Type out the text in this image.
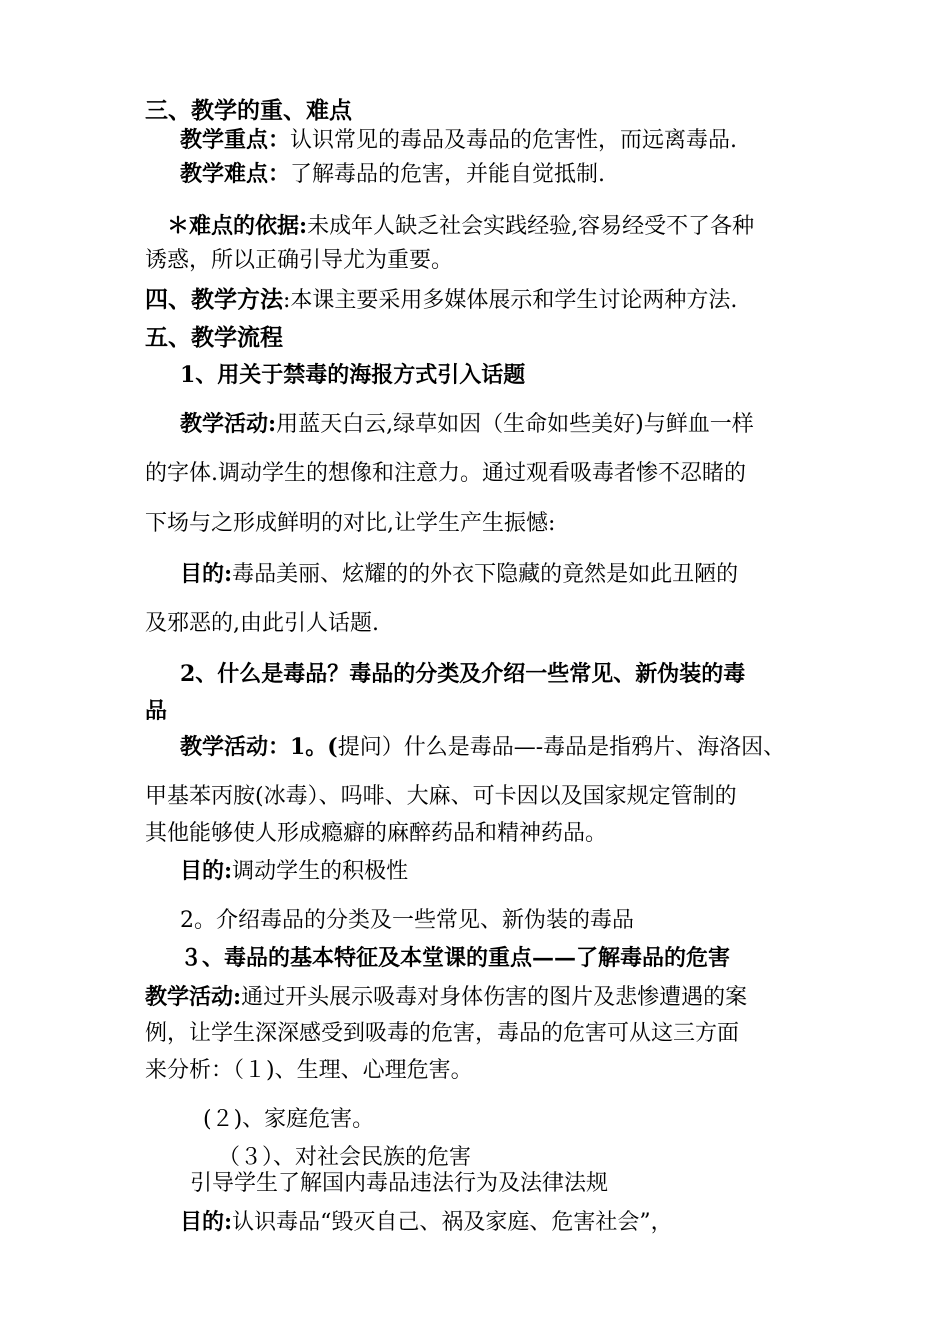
三、教学的重、难点
教学重点：认识常见的毒品及毒品的危害性，而远离毒品.
教学难点：了解毒品的危害，并能自觉抵制.
＊难点的依据:未成年人缺乏社会实践经验,容易经受不了各种
诱惑，所以正确引导尤为重要。
四、教学方法:本课主要采用多媒体展示和学生讨论两种方法.
五、教学流程
1、用关于禁毒的海报方式引入话题
教学活动:用蓝天白云,绿草如因（生命如些美好)与鲜血一样
的字体.调动学生的想像和注意力。通过观看吸毒者惨不忍睹的
下场与之形成鲜明的对比,让学生产生振憾:
目的:毒品美丽、炫耀的的外衣下隐藏的竟然是如此丑陋的
及邪恶的,由此引人话题.
2、什么是毒品？毒品的分类及介绍一些常见、新伪装的毒
品
教学活动：1。(提问）什么是毒品—-毒品是指鸦片、海洛因、
甲基苯丙胺(冰毒）、吗啡、大麻、可卡因以及国家规定管制的
其他能够使人形成瘾癖的麻醉药品和精神药品。
目的:调动学生的积极性
2。介绍毒品的分类及一些常见、新伪装的毒品
３、毒品的基本特征及本堂课的重点——了解毒品的危害
教学活动:通过开头展示吸毒对身体伤害的图片及悲惨遭遇的案
例，让学生深深感受到吸毒的危害，毒品的危害可从这三方面
来分析：（１)、生理、心理危害。
(２)、家庭危害。
（３）、对社会民族的危害
引导学生了解国内毒品违法行为及法律法规
目的:认识毒品“毁灭自己、祸及家庭、危害社会”，
